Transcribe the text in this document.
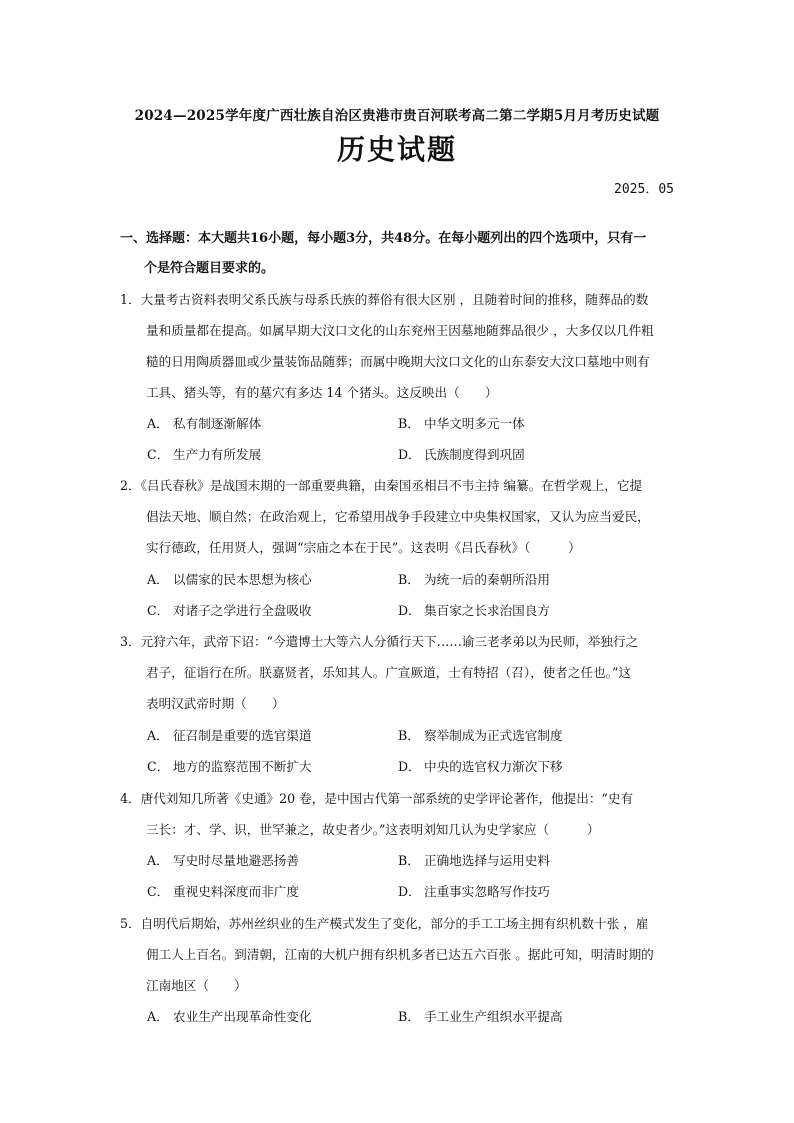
2024—2025学年度广西壮族自治区贵港市贵百河联考高二第二学期5月月考历史试题
历史试题
2025．05
一、选择题：本大题共16小题，每小题3分，共48分。在每小题列出的四个选项中，只有一
个是符合题目要求的。
1．大量考古资料表明父系氏族与母系氏族的葬俗有很大区别 ，且随着时间的推移，随葬品的数
量和质量都在提高。如属早期大汶口文化的山东兖州王因墓地随葬品很少 ，大多仅以几件粗
糙的日用陶质器皿或少量装饰品随葬；而属中晚期大汶口文化的山东泰安大汶口墓地中则有
工具、猪头等，有的墓穴有多达 14 个猪头。这反映出（　　）
A． 私有制逐渐解体	B． 中华文明多元一体
C． 生产力有所发展	D． 氏族制度得到巩固
2．《吕氏春秋》是战国末期的一部重要典籍，由秦国丞相吕不韦主持 编纂。在哲学观上，它提
倡法天地、顺自然；在政治观上，它希望用战争手段建立中央集权国家，又认为应当爱民，
实行德政，任用贤人，强调“宗庙之本在于民”。这表明《吕氏春秋》（　　　）
A． 以儒家的民本思想为核心	B． 为统一后的秦朝所沿用
C． 对诸子之学进行全盘吸收	D． 集百家之长求治国良方
3．元狩六年，武帝下诏：“今遣博士大等六人分循行天下……谕三老孝弟以为民师，举独行之
君子，征诣行在所。朕嘉贤者，乐知其人。广宣厥道，士有特招（召），使者之任也。”这
表明汉武帝时期（　　）
A． 征召制是重要的选官渠道	B． 察举制成为正式选官制度
C． 地方的监察范围不断扩大	D． 中央的选官权力渐次下移
4．唐代刘知几所著《史通》20 卷，是中国古代第一部系统的史学评论著作，他提出：“史有
三长：才、学、识，世罕兼之，故史者少。”这表明刘知几认为史学家应（　　　）
A． 写史时尽量地避恶扬善	B． 正确地选择与运用史料
C． 重视史料深度而非广度	D． 注重事实忽略写作技巧
5．自明代后期始，苏州丝织业的生产模式发生了变化，部分的手工工场主拥有织机数十张 ，雇
佣工人上百名。到清朝，江南的大机户拥有织机多者已达五六百张 。据此可知，明清时期的
江南地区（　　）
A． 农业生产出现革命性变化	B． 手工业生产组织水平提高
